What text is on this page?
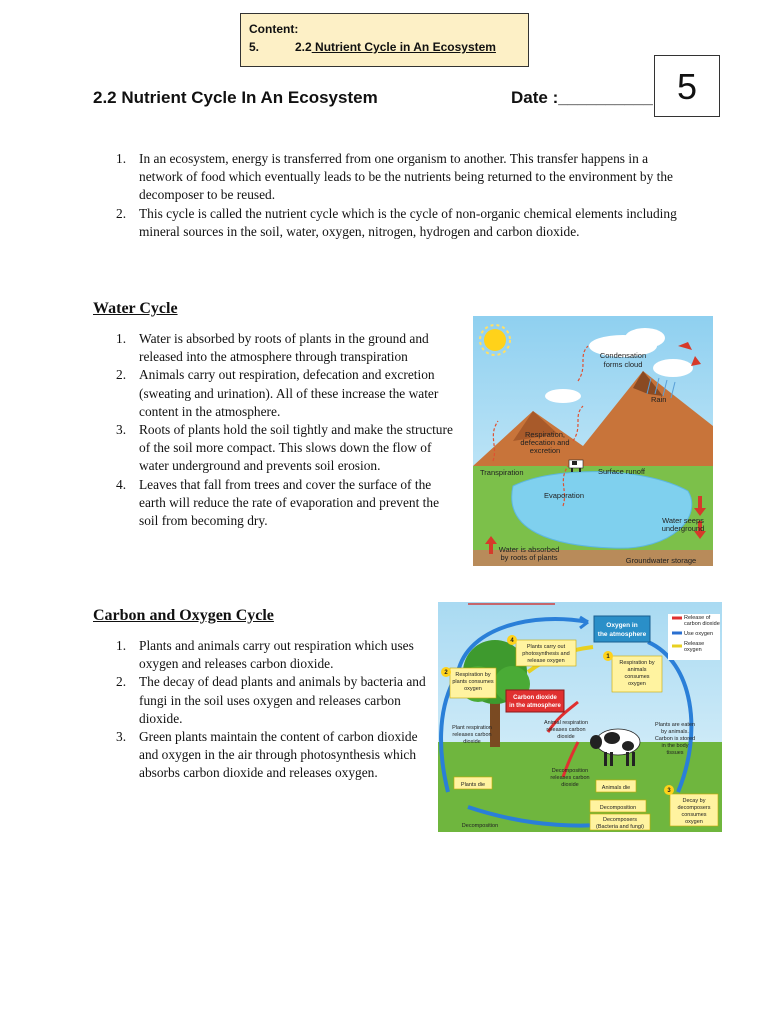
Content:
5.	2.2 Nutrient Cycle in An Ecosystem
5
2.2 Nutrient Cycle In An Ecosystem	Date :__________
1. In an ecosystem, energy is transferred from one organism to another. This transfer happens in a network of food which eventually leads to be the nutrients being returned to the environment by the decomposer to be reused.
2. This cycle is called the nutrient cycle which is the cycle of non-organic chemical elements including mineral sources in the soil, water, oxygen, nitrogen, hydrogen and carbon dioxide.
Water Cycle
1. Water is absorbed by roots of plants in the ground and released into the atmosphere through transpiration
2. Animals carry out respiration, defecation and excretion (sweating and urination). All of these increase the water content in the atmosphere.
3. Roots of plants hold the soil tightly and make the structure of the soil more compact. This slows down the flow of water underground and prevents soil erosion.
4. Leaves that fall from trees and cover the surface of the earth will reduce the rate of evaporation and prevent the soil from becoming dry.
Condensation
forms cloud
Rain
Respiration,
defecation and
excretion
Transpiration	Surface runoff
Evaporation
Water seeps
underground
Water is absorbed
by roots of plants	Groundwater storage
Carbon and Oxygen Cycle
1. Plants and animals carry out respiration which uses oxygen and releases carbon dioxide.
2. The decay of dead plants and animals by bacteria and fungi in the soil uses oxygen and releases carbon dioxide.
3. Green plants maintain the content of carbon dioxide and oxygen in the air through photosynthesis which absorbs carbon dioxide and releases oxygen.
Oxygen in
the atmosphere
Carbon dioxide
in the atmosphere
Release of
carbon dioxide
Use oxygen
Release
oxygen
4
1
2
3
Plants carry out
photosynthesis and
release oxygen
Respiration by
plants consumes
oxygen
Respiration by
animals
consumes
oxygen
Plant respiration
releases carbon
dioxide
Animal respiration
releases carbon
dioxide
Plants are eaten
by animals.
Carbon is stored
in the body
tissues
Plants die
Decomposition
releases carbon
dioxide	Animals die
Decomposition
Decomposers
(Bacteria and fungi)
Decay by
decomposers
consumes
oxygen
Decomposition
